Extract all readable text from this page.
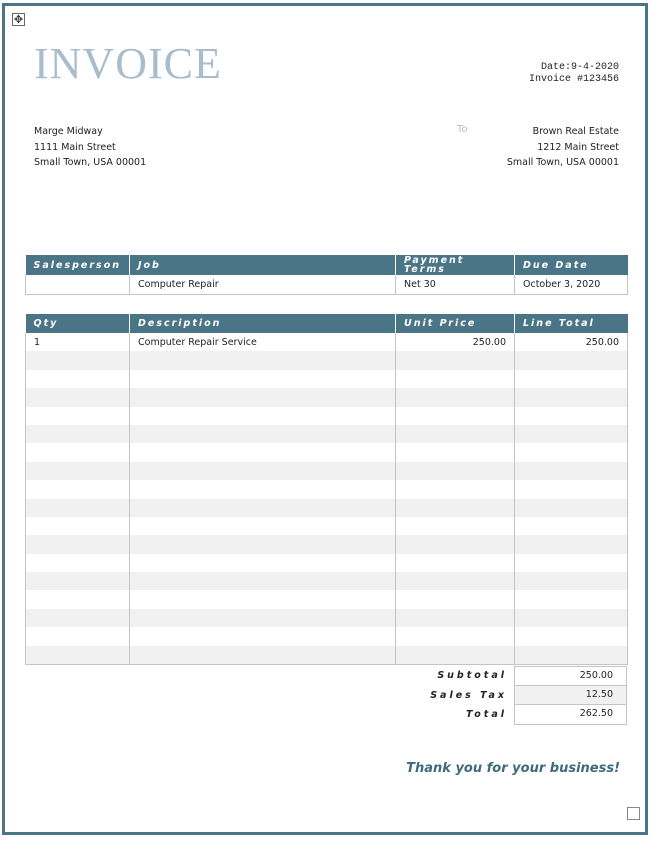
✥
INVOICE	Date:9-4-2020
Invoice #123456
Marge Midway
1111 Main Street
Small Town, USA 00001
To	Brown Real Estate
1212 Main Street
Small Town, USA 00001
Salesperson	Job	Payment Terms	Due Date
	Computer Repair	Net 30	October 3, 2020
Qty	Description	Unit Price	Line Total
1	Computer Repair Service	250.00	250.00

Subtotal	250.00
Sales Tax	12.50
Total	262.50
Thank you for your business!
